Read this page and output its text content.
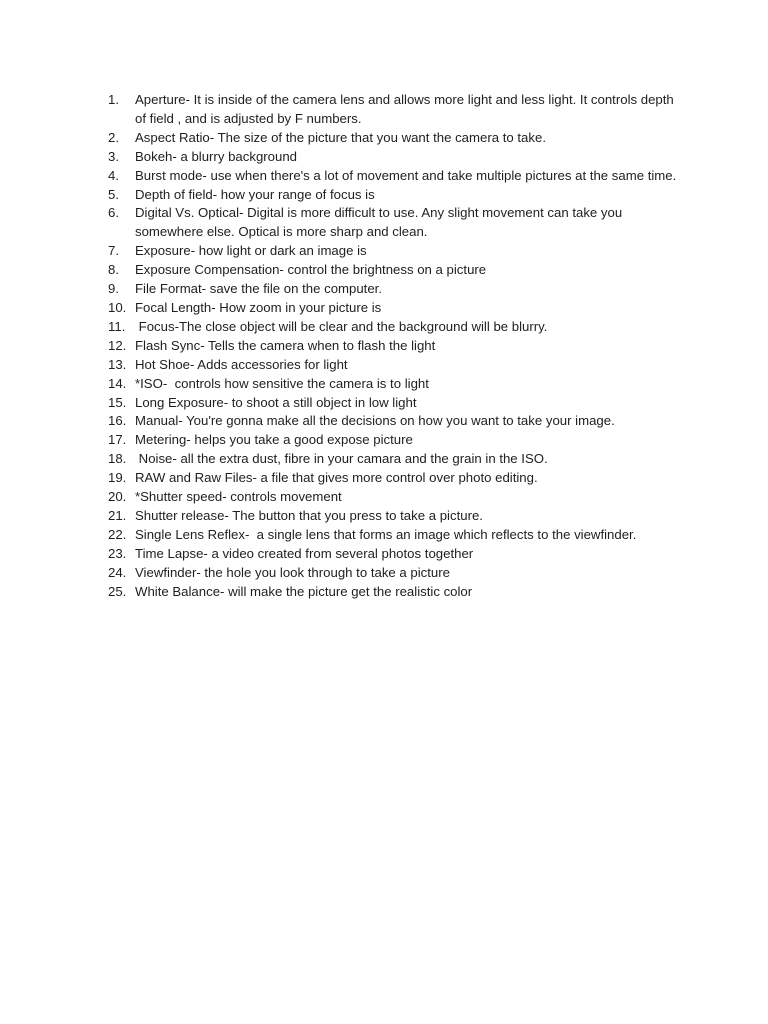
1.	Aperture- It is inside of the camera lens and allows more light and less light. It controls depth of field , and is adjusted by F numbers.
2.	Aspect Ratio- The size of the picture that you want the camera to take.
3.	Bokeh- a blurry background
4.	Burst mode- use when there's a lot of movement and take multiple pictures at the same time.
5.	Depth of field- how your range of focus is
6.	Digital Vs. Optical- Digital is more difficult to use. Any slight movement can take you somewhere else. Optical is more sharp and clean.
7.	Exposure- how light or dark an image is
8.	Exposure Compensation- control the brightness on a picture
9.	File Format- save the file on the computer.
10. Focal Length- How zoom in your picture is
11. Focus-The close object will be clear and the background will be blurry.
12. Flash Sync- Tells the camera when to flash the light
13. Hot Shoe- Adds accessories for light
14. *ISO-  controls how sensitive the camera is to light
15. Long Exposure- to shoot a still object in low light
16. Manual- You're gonna make all the decisions on how you want to take your image.
17. Metering- helps you take a good expose picture
18. Noise- all the extra dust, fibre in your camara and the grain in the ISO.
19. RAW and Raw Files- a file that gives more control over photo editing.
20. *Shutter speed- controls movement
21. Shutter release- The button that you press to take a picture.
22. Single Lens Reflex-  a single lens that forms an image which reflects to the viewfinder.
23. Time Lapse- a video created from several photos together
24. Viewfinder- the hole you look through to take a picture
25. White Balance- will make the picture get the realistic color
